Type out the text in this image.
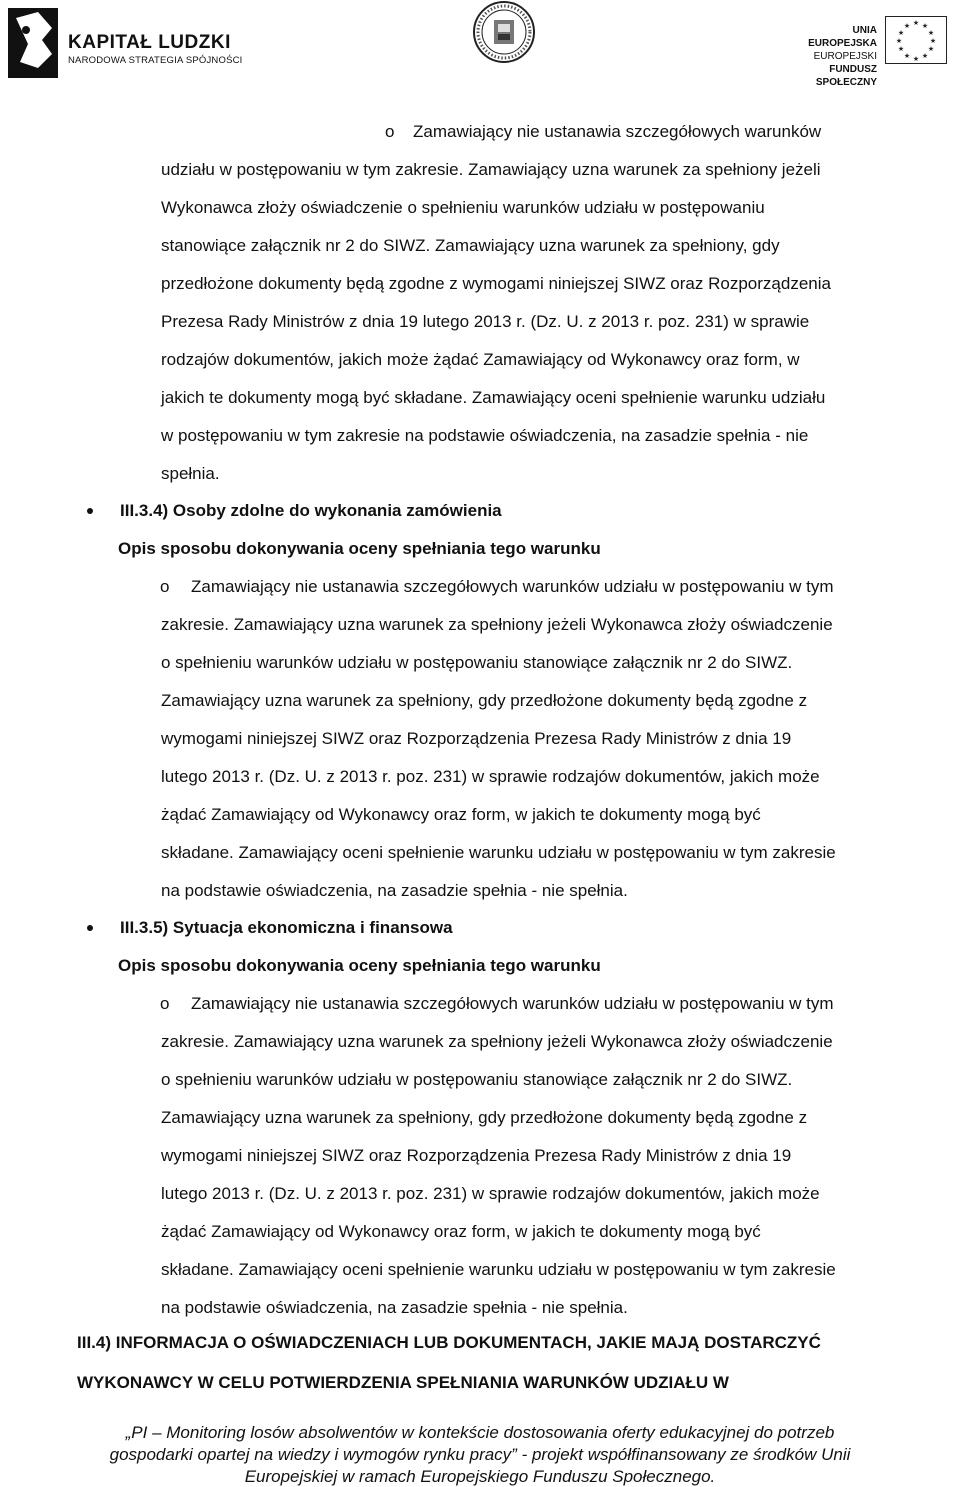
KAPITAŁ LUDZKI
NARODOWA STRATEGIA SPÓJNOŚCI
UNIA EUROPEJSKA
EUROPEJSKI
FUNDUSZ SPOŁECZNY
★ ★
★
★
★
★
★
★
★
★
★
★
o Zamawiający nie ustanawia szczegółowych warunków
udziału w postępowaniu w tym zakresie. Zamawiający uzna warunek za spełniony jeżeli
Wykonawca złoży oświadczenie o spełnieniu warunków udziału w postępowaniu
stanowiące załącznik nr 2 do SIWZ. Zamawiający uzna warunek za spełniony, gdy
przedłożone dokumenty będą zgodne z wymogami niniejszej SIWZ oraz Rozporządzenia
Prezesa Rady Ministrów z dnia 19 lutego 2013 r. (Dz. U. z 2013 r. poz. 231) w sprawie
rodzajów dokumentów, jakich może żądać Zamawiający od Wykonawcy oraz form, w
jakich te dokumenty mogą być składane. Zamawiający oceni spełnienie warunku udziału
w postępowaniu w tym zakresie na podstawie oświadczenia, na zasadzie spełnia - nie
spełnia.
III.3.4) Osoby zdolne do wykonania zamówienia
Opis sposobu dokonywania oceny spełniania tego warunku
o Zamawiający nie ustanawia szczegółowych warunków udziału w postępowaniu w tym
zakresie. Zamawiający uzna warunek za spełniony jeżeli Wykonawca złoży oświadczenie
o spełnieniu warunków udziału w postępowaniu stanowiące załącznik nr 2 do SIWZ.
Zamawiający uzna warunek za spełniony, gdy przedłożone dokumenty będą zgodne z
wymogami niniejszej SIWZ oraz Rozporządzenia Prezesa Rady Ministrów z dnia 19
lutego 2013 r. (Dz. U. z 2013 r. poz. 231) w sprawie rodzajów dokumentów, jakich może
żądać Zamawiający od Wykonawcy oraz form, w jakich te dokumenty mogą być
składane. Zamawiający oceni spełnienie warunku udziału w postępowaniu w tym zakresie
na podstawie oświadczenia, na zasadzie spełnia - nie spełnia.
III.3.5) Sytuacja ekonomiczna i finansowa
Opis sposobu dokonywania oceny spełniania tego warunku
o Zamawiający nie ustanawia szczegółowych warunków udziału w postępowaniu w tym
zakresie. Zamawiający uzna warunek za spełniony jeżeli Wykonawca złoży oświadczenie
o spełnieniu warunków udziału w postępowaniu stanowiące załącznik nr 2 do SIWZ.
Zamawiający uzna warunek za spełniony, gdy przedłożone dokumenty będą zgodne z
wymogami niniejszej SIWZ oraz Rozporządzenia Prezesa Rady Ministrów z dnia 19
lutego 2013 r. (Dz. U. z 2013 r. poz. 231) w sprawie rodzajów dokumentów, jakich może
żądać Zamawiający od Wykonawcy oraz form, w jakich te dokumenty mogą być
składane. Zamawiający oceni spełnienie warunku udziału w postępowaniu w tym zakresie
na podstawie oświadczenia, na zasadzie spełnia - nie spełnia.
III.4) INFORMACJA O OŚWIADCZENIACH LUB DOKUMENTACH, JAKIE MAJĄ DOSTARCZYĆ
WYKONAWCY W CELU POTWIERDZENIA SPEŁNIANIA WARUNKÓW UDZIAŁU W
„PI – Monitoring losów absolwentów w kontekście dostosowania oferty edukacyjnej do potrzeb
gospodarki opartej na wiedzy i wymogów rynku pracy” - projekt współfinansowany ze środków Unii
Europejskiej w ramach Europejskiego Funduszu Społecznego.
